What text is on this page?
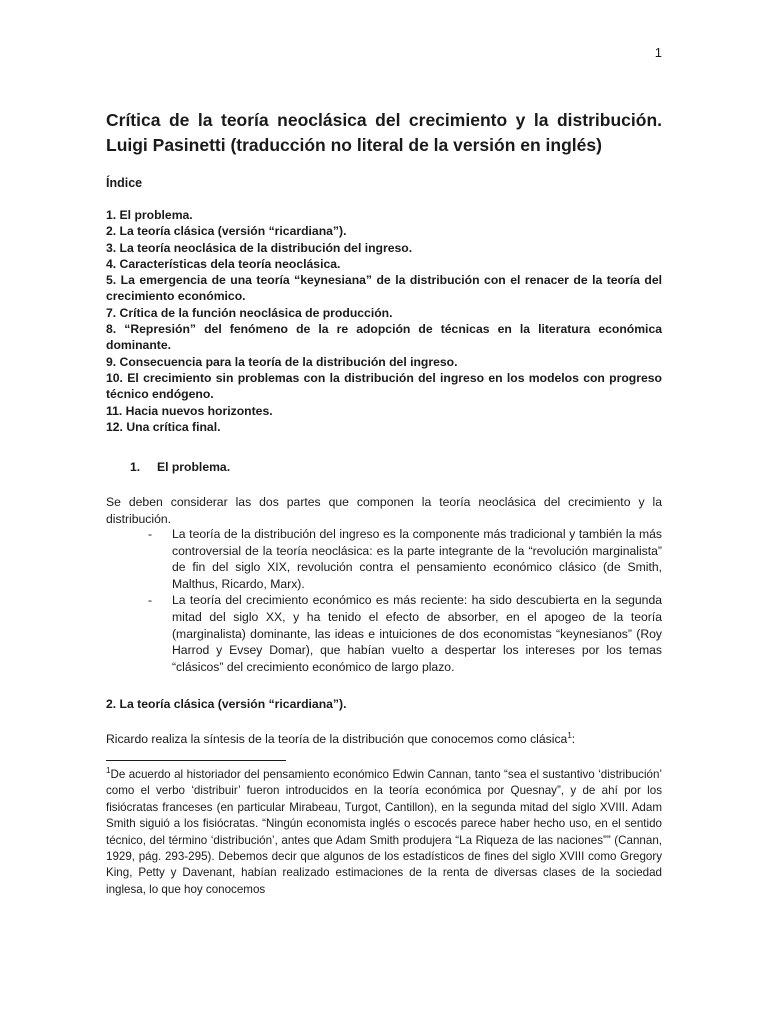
1
Crítica de la teoría neoclásica del crecimiento y la distribución. Luigi Pasinetti (traducción no literal de la versión en inglés)
Índice
1. El problema.
2. La teoría clásica (versión “ricardiana”).
3. La teoría neoclásica de la distribución del ingreso.
4. Características dela teoría neoclásica.
5. La emergencia de una teoría “keynesiana” de la distribución con el renacer de la teoría del crecimiento económico.
7. Crítica de la función neoclásica de producción.
8. “Represión” del fenómeno de la re adopción de técnicas en la literatura económica dominante.
9. Consecuencia para la teoría de la distribución del ingreso.
10. El crecimiento sin problemas con la distribución del ingreso en los modelos con progreso técnico endógeno.
11. Hacia nuevos horizontes.
12. Una crítica final.
1. El problema.
Se deben considerar las dos partes que componen la teoría neoclásica del crecimiento y la distribución.
-	La teoría de la distribución del ingreso es la componente más tradicional y también la más controversial de la teoría neoclásica: es la parte integrante de la “revolución marginalista” de fin del siglo XIX, revolución contra el pensamiento económico clásico (de Smith, Malthus, Ricardo, Marx).
-	La teoría del crecimiento económico es más reciente: ha sido descubierta en la segunda mitad del siglo XX, y ha tenido el efecto de absorber, en el apogeo de la teoría (marginalista) dominante, las ideas e intuiciones de dos economistas “keynesianos” (Roy Harrod y Evsey Domar), que habían vuelto a despertar los intereses por los temas “clásicos” del crecimiento económico de largo plazo.
2. La teoría clásica (versión “ricardiana”).
Ricardo realiza la síntesis de la teoría de la distribución que conocemos como clásica$^1$:
$^1$De acuerdo al historiador del pensamiento económico Edwin Cannan, tanto “sea el sustantivo ‘distribución’ como el verbo ‘distribuir’ fueron introducidos en la teoría económica por Quesnay”, y de ahí por los fisiócratas franceses (en particular Mirabeau, Turgot, Cantillon), en la segunda mitad del siglo XVIII. Adam Smith siguió a los fisiócratas. “Ningún economista inglés o escocés parece haber hecho uso, en el sentido técnico, del término ‘distribución’, antes que Adam Smith produjera “La Riqueza de las naciones”” (Cannan, 1929, pág. 293-295). Debemos decir que algunos de los estadísticos de fines del siglo XVIII como Gregory King, Petty y Davenant, habían realizado estimaciones de la renta de diversas clases de la sociedad inglesa, lo que hoy conocemos
